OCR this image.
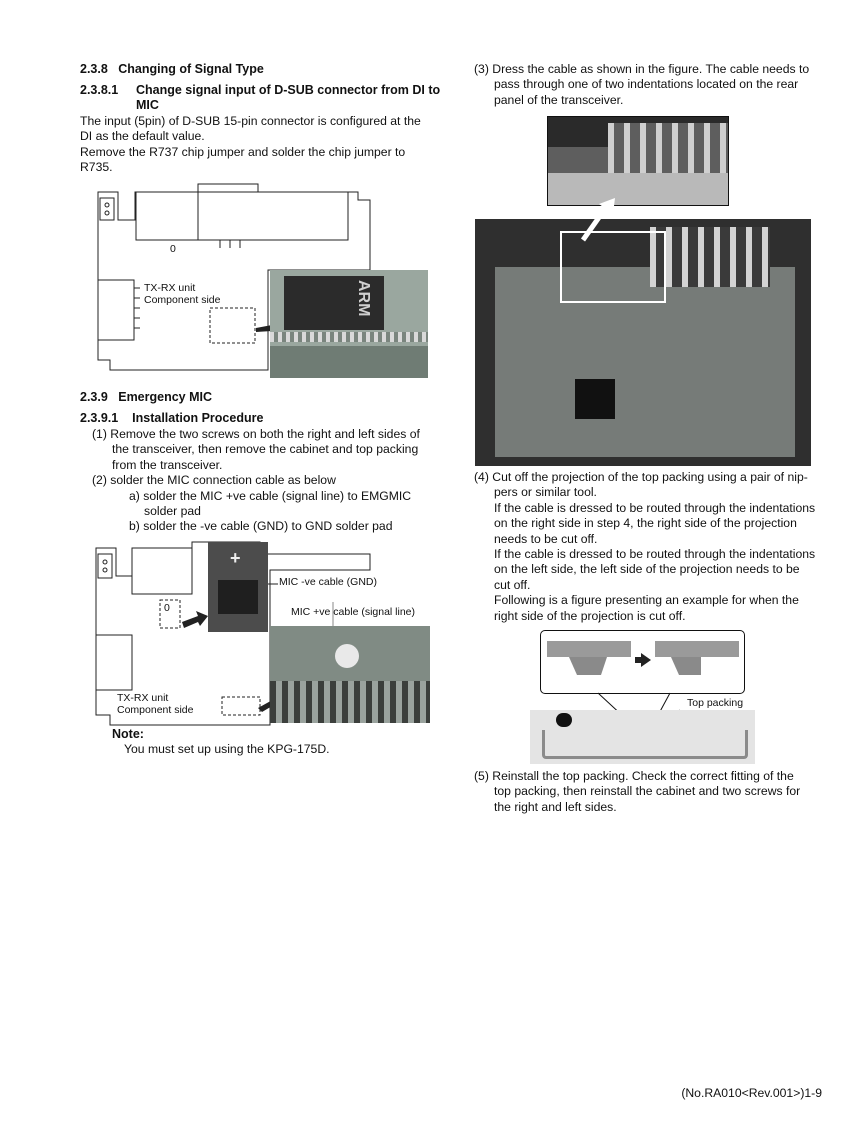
2.3.8 Changing of Signal Type
2.3.8.1 Change signal input of D-SUB connector from DI to
MIC
The input (5pin) of D-SUB 15-pin connector is configured at the
DI as the default value.
Remove the R737 chip jumper and solder the chip jumper to
R735.
0
TX-RX unit
Component side	ARM
2.3.9 Emergency MIC
2.3.9.1 Installation Procedure
(1) Remove the two screws on both the right and left sides of
the transceiver, then remove the cabinet and top packing
from the transceiver.
(2) solder the MIC connection cable as below
a) solder the MIC +ve cable (signal line) to EMGMIC
solder pad
b) solder the -ve cable (GND) to GND solder pad
+
MIC -ve cable (GND)
MIC +ve cable (signal line)
0
TX-RX unit
Component side
Note:
You must set up using the KPG-175D.
(3) Dress the cable as shown in the figure. The cable needs to
pass through one of two indentations located on the rear
panel of the transceiver.
(4) Cut off the projection of the top packing using a pair of nip-
pers or similar tool.
If the cable is dressed to be routed through the indentations
on the right side in step 4, the right side of the projection
needs to be cut off.
If the cable is dressed to be routed through the indentations
on the left side, the left side of the projection needs to be
cut off.
Following is a figure presenting an example for when the
right side of the projection is cut off.
Top packing
(5) Reinstall the top packing. Check the correct fitting of the
top packing, then reinstall the cabinet and two screws for
the right and left sides.
(No.RA010<Rev.001>)1-9
